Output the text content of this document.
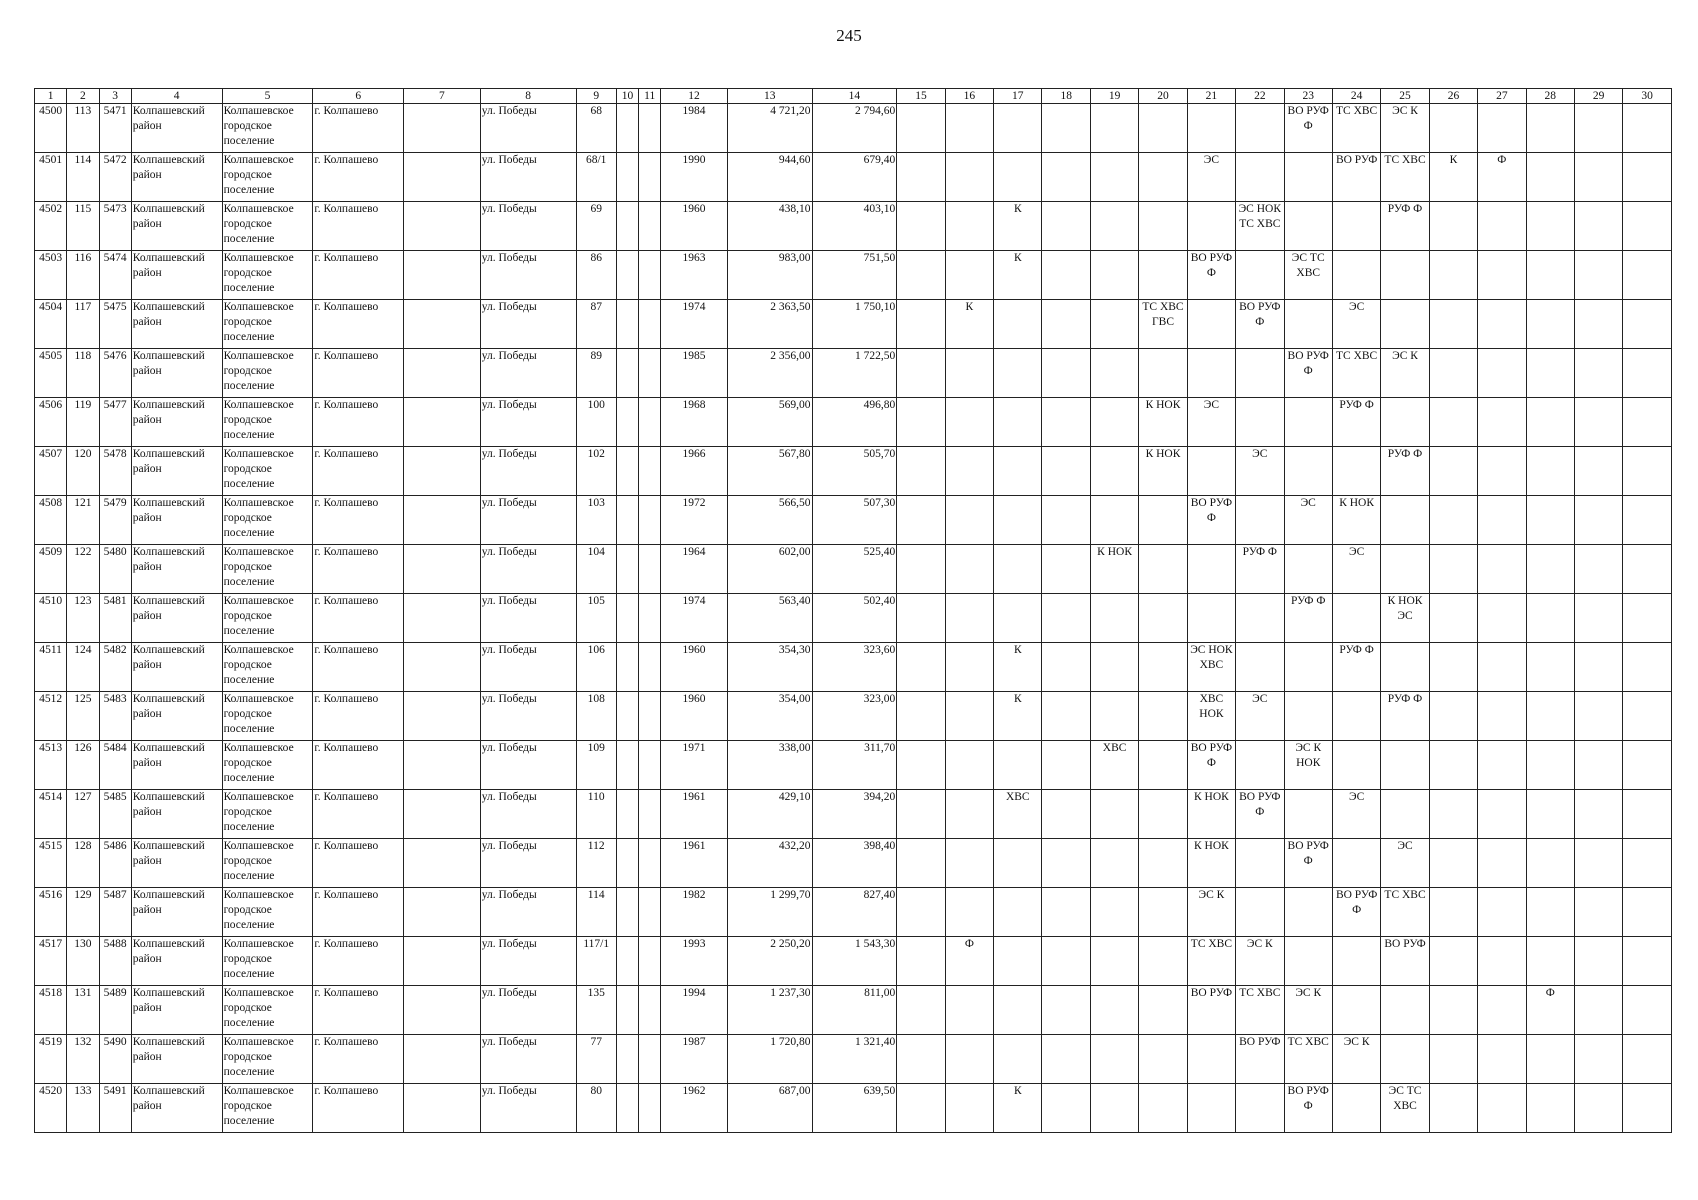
245
1	2	3	4	5	6	7	8	9	10	11	12	13	14	15	16	17	18	19	20	21	22	23	24	25	26	27	28	29	30
4500	113	5471	Колпашевский район	Колпашевское городское поселение	г. Колпашево		ул. Победы	68			1984	4 721,20	2 794,60									ВО РУФ Ф	ТС ХВС	ЭС К					
4501	114	5472	Колпашевский район	Колпашевское городское поселение	г. Колпашево		ул. Победы	68/1			1990	944,60	679,40							ЭС			ВО РУФ	ТС ХВС	К	Ф			
4502	115	5473	Колпашевский район	Колпашевское городское поселение	г. Колпашево		ул. Победы	69			1960	438,10	403,10			К					ЭС НОК ТС ХВС			РУФ Ф					
4503	116	5474	Колпашевский район	Колпашевское городское поселение	г. Колпашево		ул. Победы	86			1963	983,00	751,50			К				ВО РУФ Ф		ЭС ТС ХВС							
4504	117	5475	Колпашевский район	Колпашевское городское поселение	г. Колпашево		ул. Победы	87			1974	2 363,50	1 750,10		К				ТС ХВС ГВС		ВО РУФ Ф		ЭС						
4505	118	5476	Колпашевский район	Колпашевское городское поселение	г. Колпашево		ул. Победы	89			1985	2 356,00	1 722,50									ВО РУФ Ф	ТС ХВС	ЭС К					
4506	119	5477	Колпашевский район	Колпашевское городское поселение	г. Колпашево		ул. Победы	100			1968	569,00	496,80						К НОК	ЭС			РУФ Ф						
4507	120	5478	Колпашевский район	Колпашевское городское поселение	г. Колпашево		ул. Победы	102			1966	567,80	505,70						К НОК		ЭС			РУФ Ф					
4508	121	5479	Колпашевский район	Колпашевское городское поселение	г. Колпашево		ул. Победы	103			1972	566,50	507,30							ВО РУФ Ф		ЭС	К НОК						
4509	122	5480	Колпашевский район	Колпашевское городское поселение	г. Колпашево		ул. Победы	104			1964	602,00	525,40					К НОК			РУФ Ф		ЭС						
4510	123	5481	Колпашевский район	Колпашевское городское поселение	г. Колпашево		ул. Победы	105			1974	563,40	502,40									РУФ Ф		К НОК ЭС					
4511	124	5482	Колпашевский район	Колпашевское городское поселение	г. Колпашево		ул. Победы	106			1960	354,30	323,60			К				ЭС НОК ХВС			РУФ Ф						
4512	125	5483	Колпашевский район	Колпашевское городское поселение	г. Колпашево		ул. Победы	108			1960	354,00	323,00			К				ХВС НОК	ЭС			РУФ Ф					
4513	126	5484	Колпашевский район	Колпашевское городское поселение	г. Колпашево		ул. Победы	109			1971	338,00	311,70					ХВС		ВО РУФ Ф		ЭС К НОК							
4514	127	5485	Колпашевский район	Колпашевское городское поселение	г. Колпашево		ул. Победы	110			1961	429,10	394,20			ХВС				К НОК	ВО РУФ Ф		ЭС						
4515	128	5486	Колпашевский район	Колпашевское городское поселение	г. Колпашево		ул. Победы	112			1961	432,20	398,40							К НОК		ВО РУФ Ф		ЭС					
4516	129	5487	Колпашевский район	Колпашевское городское поселение	г. Колпашево		ул. Победы	114			1982	1 299,70	827,40							ЭС К			ВО РУФ Ф	ТС ХВС					
4517	130	5488	Колпашевский район	Колпашевское городское поселение	г. Колпашево		ул. Победы	117/1			1993	2 250,20	1 543,30		Ф					ТС ХВС	ЭС К			ВО РУФ					
4518	131	5489	Колпашевский район	Колпашевское городское поселение	г. Колпашево		ул. Победы	135			1994	1 237,30	811,00							ВО РУФ	ТС ХВС	ЭС К					Ф		
4519	132	5490	Колпашевский район	Колпашевское городское поселение	г. Колпашево		ул. Победы	77			1987	1 720,80	1 321,40								ВО РУФ	ТС ХВС	ЭС К						
4520	133	5491	Колпашевский район	Колпашевское городское поселение	г. Колпашево		ул. Победы	80			1962	687,00	639,50			К						ВО РУФ Ф		ЭС ТС ХВС					
